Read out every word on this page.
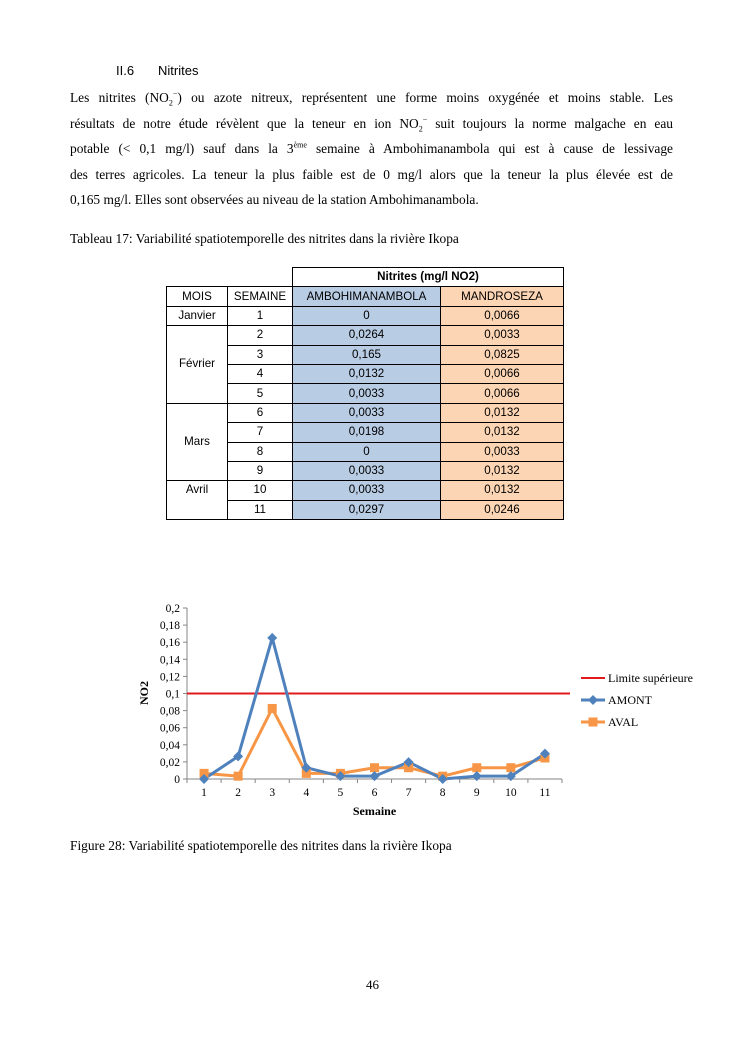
II.6 Nitrites
Les nitrites $(NO_2^-)$ ou azote nitreux, représentent une forme moins oxygénée et moins stable. Les
résultats de notre étude révèlent que la teneur en ion $NO_2^-$ suit toujours la norme malgache en eau
potable (< 0,1 mg/l) sauf dans la 3ème semaine à Ambohimanambola qui est à cause de lessivage
des terres agricoles. La teneur la plus faible est de 0 mg/l alors que la teneur la plus élevée est de
0,165 mg/l. Elles sont observées au niveau de la station Ambohimanambola.
Tableau 17: Variabilité spatiotemporelle des nitrites dans la rivière Ikopa
		Nitrites (mg/l NO2)	
MOIS	SEMAINE	AMBOHIMANAMBOLA	MANDROSEZA
Janvier	1	0	0,0066
Février	2	0,0264	0,0033
	3	0,165	0,0825
	4	0,0132	0,0066
	5	0,0033	0,0066
Mars	6	0,0033	0,0132
	7	0,0198	0,0132
	8	0	0,0033
	9	0,0033	0,0132
Avril	10	0,0033	0,0132
	11	0,0297	0,0246
0
0,02
0,04
0,06
0,08
0,1
0,12
0,14
0,16
0,18
0,2
1 2 3 4 5 6 7 8 9 10 11
NO2
Semaine
Limite supérieure
AMONT
AVAL
Figure 28: Variabilité spatiotemporelle des nitrites dans la rivière Ikopa
46
